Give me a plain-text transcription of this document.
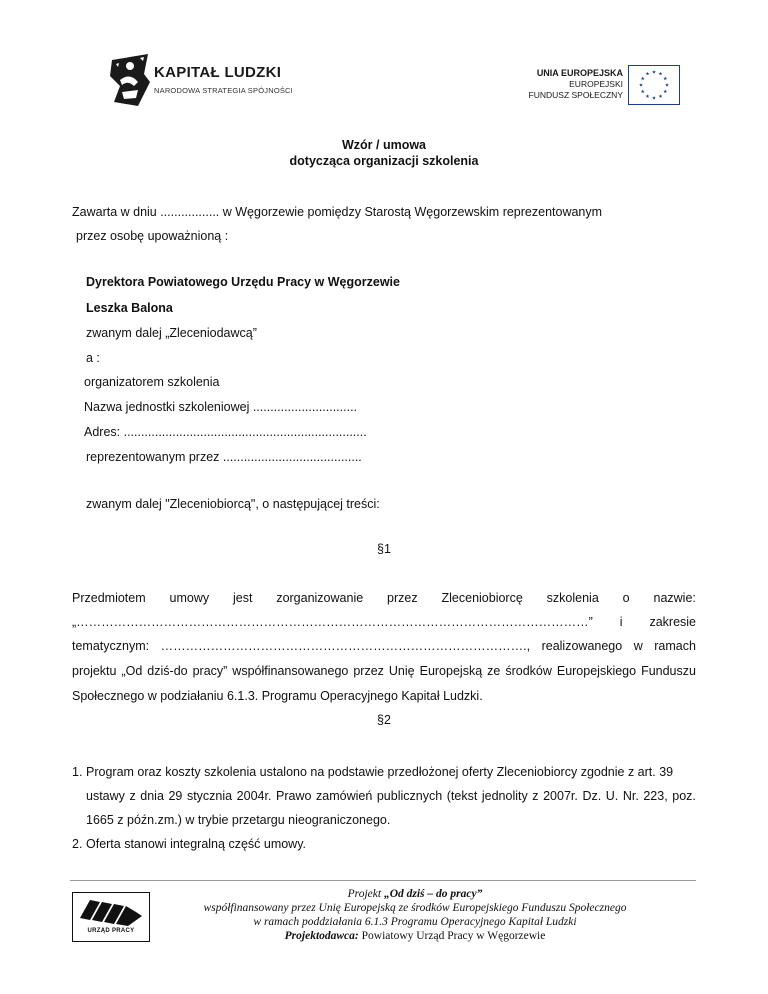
KAPITAŁ LUDZKI
NARODOWA STRATEGIA SPÓJNOŚCI
UNIA EUROPEJSKA
EUROPEJSKI
FUNDUSZ SPOŁECZNY
Wzór / umowa
dotycząca organizacji szkolenia
Zawarta w dniu ................. w Węgorzewie pomiędzy Starostą Węgorzewskim reprezentowanym
przez osobę upoważnioną :
Dyrektora Powiatowego Urzędu Pracy w Węgorzewie
Leszka Balona
zwanym dalej „Zleceniodawcą”
a :
organizatorem szkolenia
Nazwa jednostki szkoleniowej ..............................
Adres: ......................................................................
reprezentowanym przez ........................................
zwanym dalej "Zleceniobiorcą", o następującej treści:
§1
Przedmiotem umowy jest zorganizowanie przez Zleceniobiorcę szkolenia o nazwie:
„……………………………………………………………………………………………………………” i zakresie
tematycznym: ……………………………………………………………………………., realizowanego w ramach
projektu „Od dziś-do pracy” współfinansowanego przez Unię Europejską ze środków Europejskiego Funduszu
Społecznego w podziałaniu 6.1.3. Programu Operacyjnego Kapitał Ludzki.
§2
1. Program oraz koszty szkolenia ustalono na podstawie przedłożonej oferty Zleceniobiorcy zgodnie z art. 39
ustawy z dnia 29 stycznia 2004r. Prawo zamówień publicznych (tekst jednolity z 2007r. Dz. U. Nr. 223, poz.
1665 z późn.zm.) w trybie przetargu nieograniczonego.
2. Oferta stanowi integralną część umowy.
URZĄD PRACY
Projekt „Od dziś – do pracy”
współfinansowany przez Unię Europejską ze środków Europejskiego Funduszu Społecznego
w ramach poddziałania 6.1.3 Programu Operacyjnego Kapitał Ludzki
Projektodawca: Powiatowy Urząd Pracy w Węgorzewie
